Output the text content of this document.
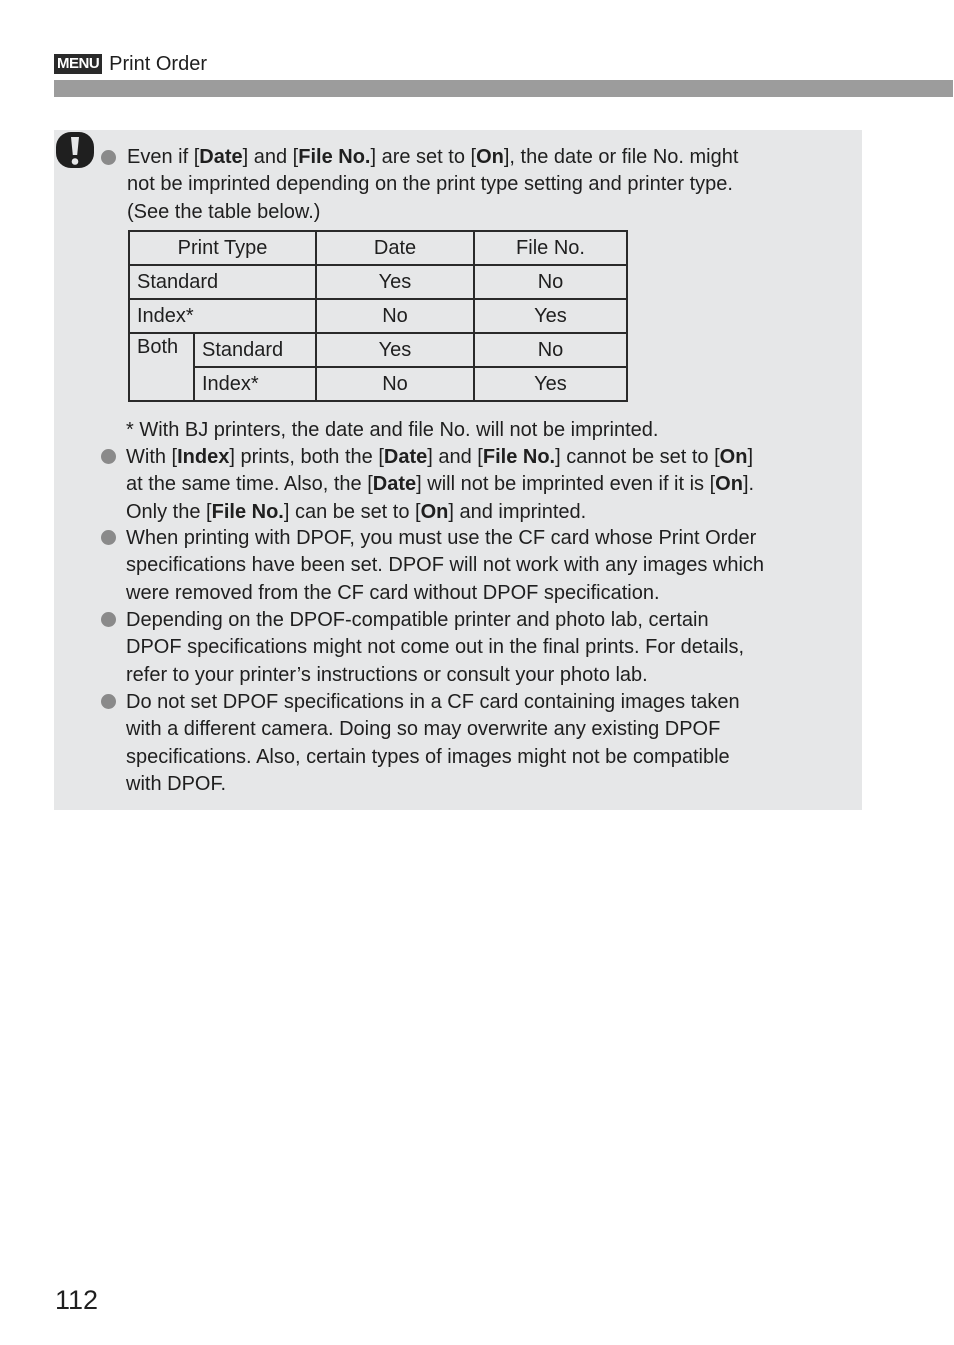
MENU Print Order
Even if [Date] and [File No.] are set to [On], the date or file No. might
not be imprinted depending on the print type setting and printer type.
(See the table below.)
Print Type		Date	File No.
Standard		Yes	No
Index*		No	Yes
Both	Standard	Yes	No
	Index*	No	Yes
* With BJ printers, the date and file No. will not be imprinted.
With [Index] prints, both the [Date] and [File No.] cannot be set to [On]
at the same time. Also, the [Date] will not be imprinted even if it is [On].
Only the [File No.] can be set to [On] and imprinted.
When printing with DPOF, you must use the CF card whose Print Order
specifications have been set. DPOF will not work with any images which
were removed from the CF card without DPOF specification.
Depending on the DPOF-compatible printer and photo lab, certain
DPOF specifications might not come out in the final prints. For details,
refer to your printer’s instructions or consult your photo lab.
Do not set DPOF specifications in a CF card containing images taken
with a different camera. Doing so may overwrite any existing DPOF
specifications. Also, certain types of images might not be compatible
with DPOF.
112
